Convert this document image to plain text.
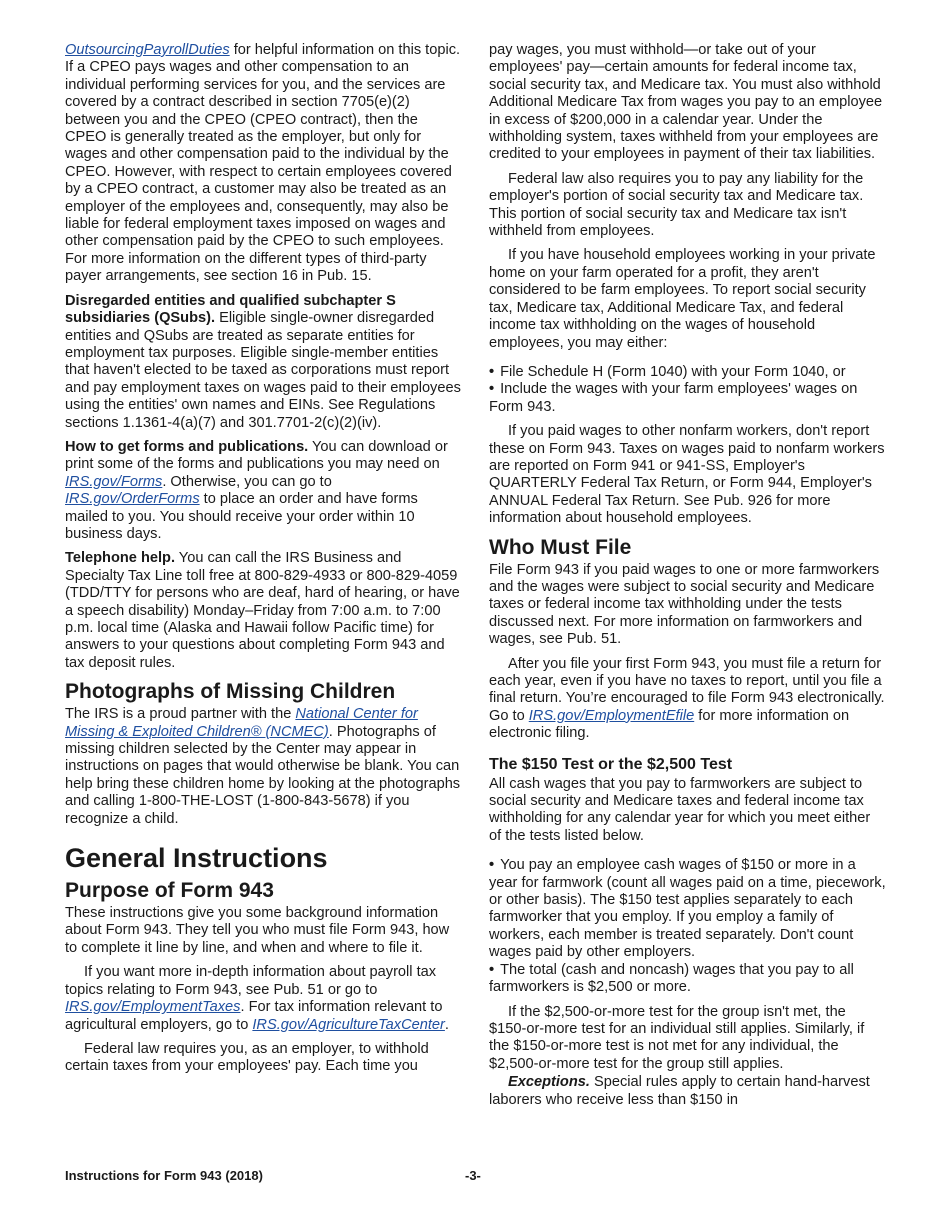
OutsourcingPayrollDuties for helpful information on this topic. If a CPEO pays wages and other compensation to an individual performing services for you, and the services are covered by a contract described in section 7705(e)(2) between you and the CPEO (CPEO contract), then the CPEO is generally treated as the employer, but only for wages and other compensation paid to the individual by the CPEO. However, with respect to certain employees covered by a CPEO contract, a customer may also be treated as an employer of the employees and, consequently, may also be liable for federal employment taxes imposed on wages and other compensation paid by the CPEO to such employees. For more information on the different types of third-party payer arrangements, see section 16 in Pub. 15.

Disregarded entities and qualified subchapter S subsidiaries (QSubs). Eligible single-owner disregarded entities and QSubs are treated as separate entities for employment tax purposes. Eligible single-member entities that haven't elected to be taxed as corporations must report and pay employment taxes on wages paid to their employees using the entities' own names and EINs. See Regulations sections 1.1361-4(a)(7) and 301.7701-2(c)(2)(iv).

How to get forms and publications. You can download or print some of the forms and publications you may need on IRS.gov/Forms. Otherwise, you can go to IRS.gov/OrderForms to place an order and have forms mailed to you. You should receive your order within 10 business days.

Telephone help. You can call the IRS Business and Specialty Tax Line toll free at 800-829-4933 or 800-829-4059 (TDD/TTY for persons who are deaf, hard of hearing, or have a speech disability) Monday–Friday from 7:00 a.m. to 7:00 p.m. local time (Alaska and Hawaii follow Pacific time) for answers to your questions about completing Form 943 and tax deposit rules.

Photographs of Missing Children

The IRS is a proud partner with the National Center for Missing & Exploited Children® (NCMEC). Photographs of missing children selected by the Center may appear in instructions on pages that would otherwise be blank. You can help bring these children home by looking at the photographs and calling 1-800-THE-LOST (1-800-843-5678) if you recognize a child.

General Instructions
Purpose of Form 943

These instructions give you some background information about Form 943. They tell you who must file Form 943, how to complete it line by line, and when and where to file it.

If you want more in-depth information about payroll tax topics relating to Form 943, see Pub. 51 or go to IRS.gov/EmploymentTaxes. For tax information relevant to agricultural employers, go to IRS.gov/AgricultureTaxCenter.

Federal law requires you, as an employer, to withhold certain taxes from your employees' pay. Each time you

pay wages, you must withhold—or take out of your employees' pay—certain amounts for federal income tax, social security tax, and Medicare tax. You must also withhold Additional Medicare Tax from wages you pay to an employee in excess of $200,000 in a calendar year. Under the withholding system, taxes withheld from your employees are credited to your employees in payment of their tax liabilities.

Federal law also requires you to pay any liability for the employer's portion of social security tax and Medicare tax. This portion of social security tax and Medicare tax isn't withheld from employees.

If you have household employees working in your private home on your farm operated for a profit, they aren't considered to be farm employees. To report social security tax, Medicare tax, Additional Medicare Tax, and federal income tax withholding on the wages of household employees, you may either:

• File Schedule H (Form 1040) with your Form 1040, or
• Include the wages with your farm employees' wages on Form 943.

If you paid wages to other nonfarm workers, don't report these on Form 943. Taxes on wages paid to nonfarm workers are reported on Form 941 or 941-SS, Employer's QUARTERLY Federal Tax Return, or Form 944, Employer's ANNUAL Federal Tax Return. See Pub. 926 for more information about household employees.

Who Must File

File Form 943 if you paid wages to one or more farmworkers and the wages were subject to social security and Medicare taxes or federal income tax withholding under the tests discussed next. For more information on farmworkers and wages, see Pub. 51.

After you file your first Form 943, you must file a return for each year, even if you have no taxes to report, until you file a final return. You’re encouraged to file Form 943 electronically. Go to IRS.gov/EmploymentEfile for more information on electronic filing.

The $150 Test or the $2,500 Test

All cash wages that you pay to farmworkers are subject to social security and Medicare taxes and federal income tax withholding for any calendar year for which you meet either of the tests listed below.

• You pay an employee cash wages of $150 or more in a year for farmwork (count all wages paid on a time, piecework, or other basis). The $150 test applies separately to each farmworker that you employ. If you employ a family of workers, each member is treated separately. Don't count wages paid by other employers.
• The total (cash and noncash) wages that you pay to all farmworkers is $2,500 or more.

If the $2,500-or-more test for the group isn't met, the $150-or-more test for an individual still applies. Similarly, if the $150-or-more test is not met for any individual, the $2,500-or-more test for the group still applies.

Exceptions. Special rules apply to certain hand-harvest laborers who receive less than $150 in

Instructions for Form 943 (2018)	-3-
